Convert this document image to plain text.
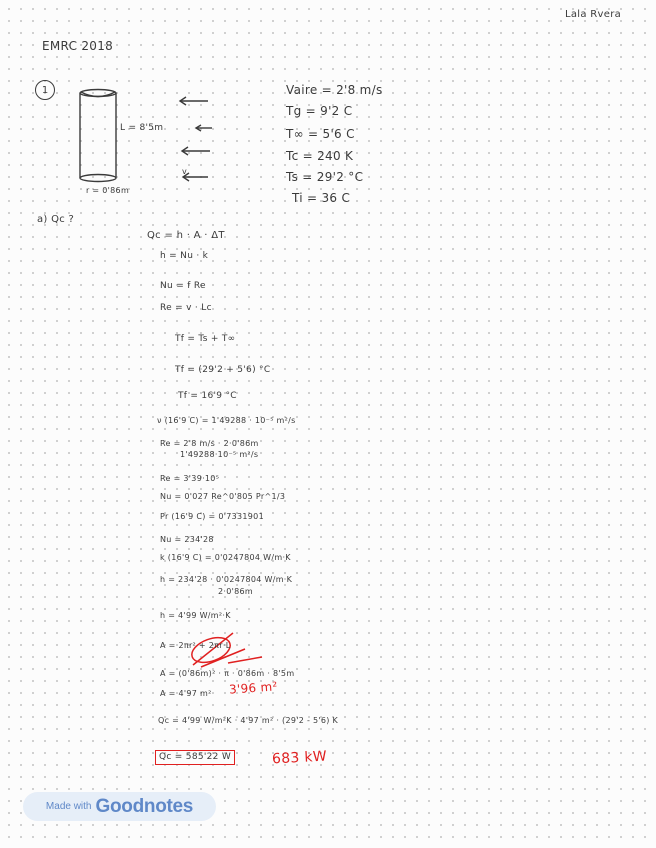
Lala Rvera
EMRC 2018
1
L = 8'5m
r = 0'86m
v
Vaire = 2'8 m/s
Tg = 9'2 C
T∞ = 5'6 C
Tc = 240 K
Ts = 29'2 °C
Ti = 36 C
a) Qc ?
Qc = h · A · ΔT
h = Nu · k
Nu = f Re
Re = v · Lc
Tf = Ts + T∞
Tf = (29'2 + 5'6) °C
Tf = 16'9 °C
ν (16'9 C) = 1'49288 · 10⁻⁵ m²/s
Re = 2'8 m/s · 2·0'86m
1'49288·10⁻⁵ m²/s
Re = 3'39·10⁵
Nu = 0'027 Re^0'805 Pr^1/3
Pr (16'9 C) = 0'7331901
Nu = 234'28
k (16'9 C) = 0'0247804 W/m·K
h = 234'28 · 0'0247804 W/m·K
2·0'86m
h = 4'99 W/m²·K
A = 2πr² + 2πr·L
A = (0'86m)² · π · 0'86m · 8'5m
A = 4'97 m² 3'96 m²
Qc = 4'99 W/m²K · 4'97 m² · (29'2 - 5'6) K
Qc = 585'22 W	683 kW
Made with Goodnotes
